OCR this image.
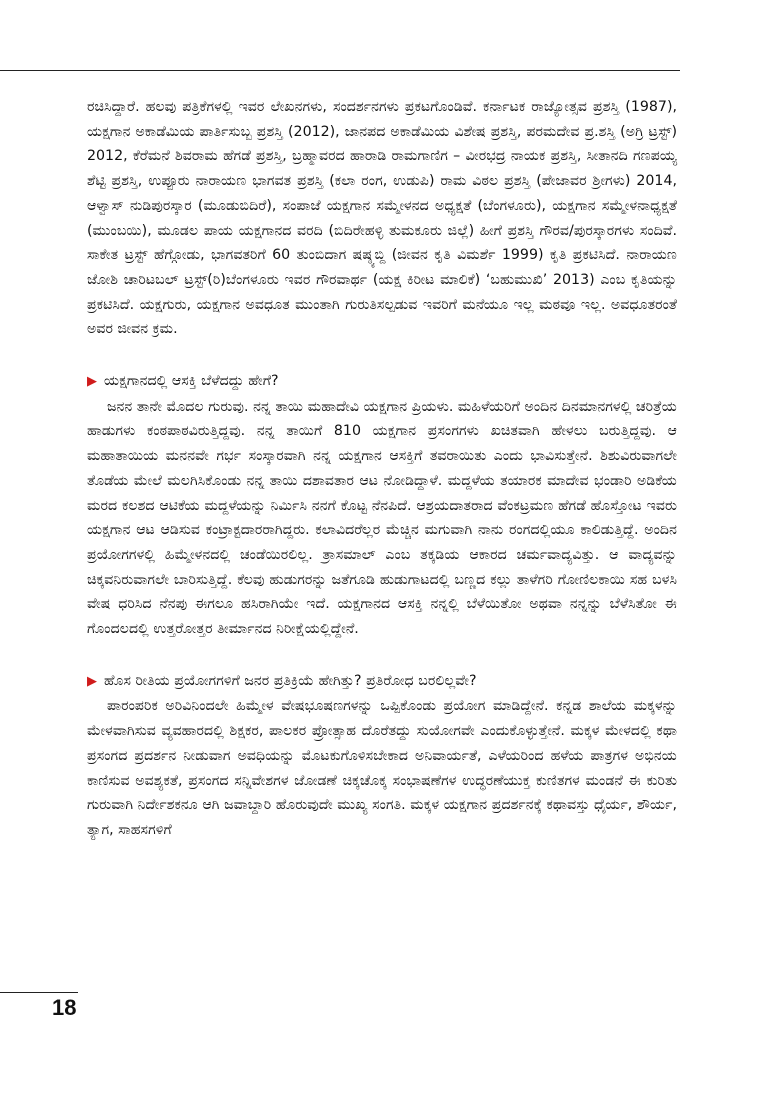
ರಚಿಸಿದ್ದಾರೆ. ಹಲವು ಪತ್ರಿಕೆಗಳಲ್ಲಿ ಇವರ ಲೇಖನಗಳು, ಸಂದರ್ಶನಗಳು ಪ್ರಕಟಗೊಂಡಿವೆ. ಕರ್ನಾಟಕ ರಾಜ್ಯೋತ್ಸವ ಪ್ರಶಸ್ತಿ (1987), ಯಕ್ಷಗಾನ ಅಕಾಡೆಮಿಯ ಪಾರ್ತಿಸುಬ್ಬ ಪ್ರಶಸ್ತಿ (2012), ಜಾನಪದ ಅಕಾಡೆಮಿಯ ವಿಶೇಷ ಪ್ರಶಸ್ತಿ, ಪರಮದೇವ ಪ್ರ.ಶಸ್ತಿ (ಅಗ್ರಿ ಟ್ರಸ್ಟ್) 2012, ಕೆರೆಮನೆ ಶಿವರಾಮ ಹೆಗಡೆ ಪ್ರಶಸ್ತಿ, ಬ್ರಹ್ಮಾವರದ ಹಾರಾಡಿ ರಾಮಗಾಣಿಗ – ವೀರಭದ್ರ ನಾಯಕ ಪ್ರಶಸ್ತಿ, ಸೀತಾನದಿ ಗಣಪಯ್ಯ ಶೆಟ್ಟಿ ಪ್ರಶಸ್ತಿ, ಉಪ್ಪೂರು ನಾರಾಯಣ ಭಾಗವತ ಪ್ರಶಸ್ತಿ (ಕಲಾ ರಂಗ, ಉಡುಪಿ) ರಾಮ ವಿಠಲ ಪ್ರಶಸ್ತಿ (ಪೇಜಾವರ ಶ್ರೀಗಳು) 2014, ಆಳ್ವಾಸ್ ನುಡಿಪುರಸ್ಕಾರ (ಮೂಡುಬಿದಿರೆ), ಸಂಪಾಜೆ ಯಕ್ಷಗಾನ ಸಮ್ಮೇಳನದ ಅಧ್ಯಕ್ಷತೆ (ಬೆಂಗಳೂರು), ಯಕ್ಷಗಾನ ಸಮ್ಮೇಳನಾಧ್ಯಕ್ಷತೆ (ಮುಂಬಯಿ), ಮೂಡಲ ಪಾಯ ಯಕ್ಷಗಾನದ ವರದಿ (ಬಿದಿರೇಹಳ್ಳಿ ತುಮಕೂರು ಜಿಲ್ಲೆ) ಹೀಗೆ ಪ್ರಶಸ್ತಿ ಗೌರವ/ಪುರಸ್ಕಾರಗಳು ಸಂದಿವೆ. ಸಾಕೇತ ಟ್ರಸ್ಟ್ ಹೆಗ್ಗೋಡು, ಭಾಗವತರಿಗೆ 60 ತುಂಬಿದಾಗ ಷಷ್ಠ್ಯಬ್ದಿ (ಜೀವನ ಕೃತಿ ವಿಮರ್ಶೆ 1999) ಕೃತಿ ಪ್ರಕಟಿಸಿದೆ. ನಾರಾಯಣ ಜೋಶಿ ಚಾರಿಟಬಲ್ ಟ್ರಸ್ಟ್(ರಿ)ಬೆಂಗಳೂರು ಇವರ ಗೌರವಾರ್ಥ (ಯಕ್ಷ ಕಿರೀಟ ಮಾಲಿಕೆ) ‘ಬಹುಮುಖಿ’ 2013) ಎಂಬ ಕೃತಿಯನ್ನು ಪ್ರಕಟಿಸಿದೆ. ಯಕ್ಷಗುರು, ಯಕ್ಷಗಾನ ಅವಧೂತ ಮುಂತಾಗಿ ಗುರುತಿಸಲ್ಪಡುವ ಇವರಿಗೆ ಮನೆಯೂ ಇಲ್ಲ ಮಠವೂ ಇಲ್ಲ. ಅವಧೂತರಂತೆ ಅವರ ಜೀವನ ಕ್ರಮ.

▶ ಯಕ್ಷಗಾನದಲ್ಲಿ ಆಸಕ್ತಿ ಬೆಳೆದದ್ದು ಹೇಗೆ?

ಜನನ ತಾನೇ ಮೊದಲ ಗುರುವು. ನನ್ನ ತಾಯಿ ಮಹಾದೇವಿ ಯಕ್ಷಗಾನ ಪ್ರಿಯಳು. ಮಹಿಳೆಯರಿಗೆ ಅಂದಿನ ದಿನಮಾನಗಳಲ್ಲಿ ಚರಿತ್ರೆಯ ಹಾಡುಗಳು ಕಂಠಪಾಠವಿರುತ್ತಿದ್ದವು. ನನ್ನ ತಾಯಿಗೆ 810 ಯಕ್ಷಗಾನ ಪ್ರಸಂಗಗಳು ಖಚಿತವಾಗಿ ಹೇಳಲು ಬರುತ್ತಿದ್ದವು. ಆ ಮಹಾತಾಯಿಯ ಮನನವೇ ಗರ್ಭ ಸಂಸ್ಕಾರವಾಗಿ ನನ್ನ ಯಕ್ಷಗಾನ ಆಸಕ್ತಿಗೆ ತವರಾಯಿತು ಎಂದು ಭಾವಿಸುತ್ತೇನೆ. ಶಿಶುವಿರುವಾಗಲೇ ತೊಡೆಯ ಮೇಲೆ ಮಲಗಿಸಿಕೊಂಡು ನನ್ನ ತಾಯಿ ದಶಾವತಾರ ಆಟ ನೋಡಿದ್ದಾಳೆ. ಮದ್ದಳೆಯ ತಯಾರಕ ಮಾದೇವ ಭಂಡಾರಿ ಅಡಿಕೆಯ ಮರದ ಕಲಶದ ಆಟಿಕೆಯ ಮದ್ದಳೆಯನ್ನು ನಿರ್ಮಿಸಿ ನನಗೆ ಕೊಟ್ಟ ನೆನಪಿದೆ. ಆಶ್ರಯದಾತರಾದ ವೆಂಕಟ್ರಮಣ ಹೆಗಡೆ ಹೊಸ್ತೋಟ ಇವರು ಯಕ್ಷಗಾನ ಆಟ ಆಡಿಸುವ ಕಂಟ್ರಾಕ್ಟದಾರರಾಗಿದ್ದರು. ಕಲಾವಿದರೆಲ್ಲರ ಮೆಚ್ಚಿನ ಮಗುವಾಗಿ ನಾನು ರಂಗದಲ್ಲಿಯೂ ಕಾಲಿಡುತ್ತಿದ್ದೆ. ಅಂದಿನ ಪ್ರಯೋಗಗಳಲ್ಲಿ ಹಿಮ್ಮೇಳನದಲ್ಲಿ ಚಂಡೆಯಿರಲಿಲ್ಲ. ತ್ರಾಸಮಾಲ್ ಎಂಬ ತಕ್ಕಡಿಯ ಆಕಾರದ ಚರ್ಮವಾದ್ಯವಿತ್ತು. ಆ ವಾದ್ಯವನ್ನು ಚಿಕ್ಕವನಿರುವಾಗಲೇ ಬಾರಿಸುತ್ತಿದ್ದೆ. ಕೆಲವು ಹುಡುಗರನ್ನು ಜತೆಗೂಡಿ ಹುಡುಗಾಟದಲ್ಲಿ ಬಣ್ಣದ ಕಲ್ಲು ತಾಳೆಗರಿ ಗೋಣಿಲಕಾಯಿ ಸಹ ಬಳಸಿ ವೇಷ ಧರಿಸಿದ ನೆನಪು ಈಗಲೂ ಹಸಿರಾಗಿಯೇ ಇದೆ. ಯಕ್ಷಗಾನದ ಆಸಕ್ತಿ ನನ್ನಲ್ಲಿ ಬೆಳೆಯಿತೋ ಅಥವಾ ನನ್ನನ್ನು ಬೆಳೆಸಿತೋ ಈ ಗೊಂದಲದಲ್ಲಿ ಉತ್ತರೋತ್ತರ ತೀರ್ಮಾನದ ನಿರೀಕ್ಷೆಯಲ್ಲಿದ್ದೇನೆ.

▶ ಹೊಸ ರೀತಿಯ ಪ್ರಯೋಗಗಳಿಗೆ ಜನರ ಪ್ರತಿಕ್ರಿಯೆ ಹೇಗಿತ್ತು? ಪ್ರತಿರೋಧ ಬರಲಿಲ್ಲವೇ?

ಪಾರಂಪರಿಕ ಅರಿವಿನಿಂದಲೇ ಹಿಮ್ಮೇಳ ವೇಷಭೂಷಣಗಳನ್ನು ಒಪ್ಪಿಕೊಂಡು ಪ್ರಯೋಗ ಮಾಡಿದ್ದೇನೆ. ಕನ್ನಡ ಶಾಲೆಯ ಮಕ್ಕಳನ್ನು ಮೇಳವಾಗಿಸುವ ವ್ಯವಹಾರದಲ್ಲಿ ಶಿಕ್ಷಕರ, ಪಾಲಕರ ಪ್ರೋತ್ಸಾಹ ದೊರೆತದ್ದು ಸುಯೋಗವೇ ಎಂದುಕೊಳ್ಳುತ್ತೇನೆ. ಮಕ್ಕಳ ಮೇಳದಲ್ಲಿ ಕಥಾ ಪ್ರಸಂಗದ ಪ್ರದರ್ಶನ ನೀಡುವಾಗ ಅವಧಿಯನ್ನು ಮೊಟಕುಗೊಳಿಸಬೇಕಾದ ಅನಿವಾರ್ಯತೆ, ಎಳೆಯರಿಂದ ಹಳೆಯ ಪಾತ್ರಗಳ ಅಭಿನಯ ಕಾಣಿಸುವ ಅವಶ್ಯಕತೆ, ಪ್ರಸಂಗದ ಸನ್ನಿವೇಶಗಳ ಜೋಡಣೆ ಚಿಕ್ಕಚೊಕ್ಕ ಸಂಭಾಷಣೆಗಳ ಉದ್ಧರಣೆಯುಕ್ತ ಕುಣಿತಗಳ ಮಂಡನೆ ಈ ಕುರಿತು ಗುರುವಾಗಿ ನಿರ್ದೇಶಕನೂ ಆಗಿ ಜವಾಬ್ದಾರಿ ಹೊರುವುದೇ ಮುಖ್ಯ ಸಂಗತಿ. ಮಕ್ಕಳ ಯಕ್ಷಗಾನ ಪ್ರದರ್ಶನಕ್ಕೆ ಕಥಾವಸ್ತು ಧೈರ್ಯ, ಶೌರ್ಯ, ತ್ಯಾಗ, ಸಾಹಸಗಳಿಗೆ

18
